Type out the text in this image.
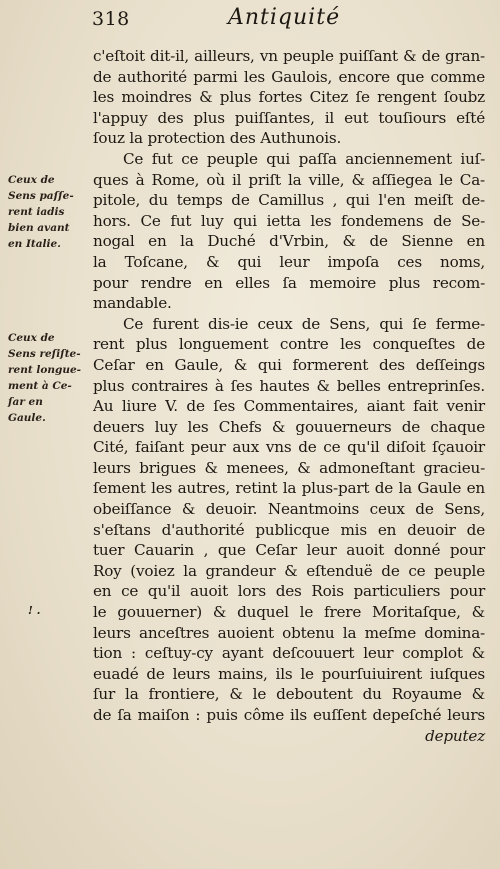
318	Antiquité
Ceux de
Sens paſſe-
rent iadis
bien avant
en Italie.
Ceux de
Sens reſiſte-
rent longue-
ment à Ce-
ſar en
Gaule.
! .
c'eſtoit dit-il, ailleurs, vn peuple puiſſant & de gran-
de authorité parmi les Gaulois, encore que comme
les moindres & plus fortes Citez ſe rengent ſoubz
l'appuy des plus puiſſantes, il eut touſiours eſté
ſouz la protection des Authunois.
Ce fut ce peuple qui paſſa anciennement iuſ-
ques à Rome, où il priſt la ville, & aſſiegea le Ca-
pitole, du temps de Camillus , qui l'en meiſt de-
hors. Ce fut luy qui ietta les fondemens de Se-
nogal en la Duché d'Vrbin, & de Sienne en
la Toſcane, & qui leur impoſa ces noms,
pour rendre en elles ſa memoire plus recom-
mandable.
Ce furent dis-ie ceux de Sens, qui ſe ferme-
rent plus longuement contre les conqueſtes de
Ceſar en Gaule, & qui formerent des deſſeings
plus contraires à ſes hautes & belles entreprinſes.
Au liure V. de ſes Commentaires, aiant fait venir
deuers luy les Chefs & gouuerneurs de chaque
Cité, faiſant peur aux vns de ce qu'il diſoit ſçauoir
leurs brigues & menees, & admoneſtant gracieu-
ſement les autres, retint la plus-part de la Gaule en
obeiſſance & deuoir. Neantmoins ceux de Sens,
s'eſtans d'authorité publicque mis en deuoir de
tuer Cauarin , que Ceſar leur auoit donné pour
Roy (voiez la grandeur & eſtenduë de ce peuple
en ce qu'il auoit lors des Rois particuliers pour
le gouuerner) & duquel le frere Moritaſque, &
leurs anceſtres auoient obtenu la meſme domina-
tion : ceſtuy-cy ayant deſcouuert leur complot &
euadé de leurs mains, ils le pourſuiuirent iuſques
ſur la frontiere, & le deboutent du Royaume &
de ſa maiſon : puis côme ils euſſent depeſché leurs
deputez
